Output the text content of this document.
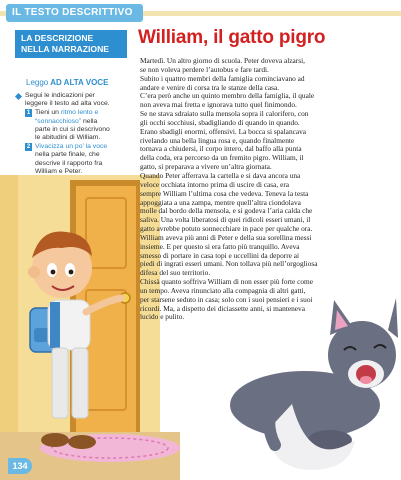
IL TESTO DESCRITTIVO
LA DESCRIZIONE
NELLA NARRAZIONE
William, il gatto pigro
Leggo AD ALTA VOCE
Segui le indicazioni per
leggere il testo ad alta voce.
1 Tieni un ritmo lento e
“sonnacchioso” nella
parte in cui si descrivono
le abitudini di William.
2 Vivacizza un po’ la voce
nella parte finale, che
descrive il rapporto fra
William e Peter.

Martedì. Un altro giorno di scuola. Peter doveva alzarsi,

se non voleva perdere l’autobus e fare tardi.

Subito i quattro membri della famiglia cominciavano ad

andare e venire di corsa tra le stanze della casa.

C’era però anche un quinto membro della famiglia, il quale

non aveva mai fretta e ignorava tutto quel finimondo.

Se ne stava sdraiato sulla mensola sopra il calorifero, con

gli occhi socchiusi, sbadigliando di quando in quando.

Erano sbadigli enormi, offensivi. La bocca si spalancava

rivelando una bella lingua rosa e, quando finalmente

tornava a chiudersi, il corpo intero, dal baffo alla punta

della coda, era percorso da un fremito pigro. William, il

gatto, si preparava a vivere un’altra giornata.

Quando Peter afferrava la cartella e si dava ancora una

veloce occhiata intorno prima di uscire di casa, era

sempre William l’ultima cosa che vedeva. Teneva la testa

appoggiata a una zampa, mentre quell’altra ciondolava

molle dal bordo della mensola, e si godeva l’aria calda che

saliva. Una volta liberatosi di quei ridicoli esseri umani, il

gatto avrebbe potuto sonnecchiare in pace per qualche ora.

William aveva più anni di Peter e della sua sorellina messi

insieme. E per questo si era fatto più tranquillo. Aveva

smesso di portare in casa topi e uccellini da deporre ai

piedi di ingrati esseri umani. Non tollava più nell’orgogliosa

difesa del suo territorio.

Chissà quanto soffriva William di non esser più forte come

un tempo. Aveva rinunciato alla compagnia di altri gatti,

per starsene seduto in casa; solo con i suoi pensieri e i suoi

ricordi. Ma, a dispetto dei diciassette anni, si manteneva

lucido e pulito.

134
